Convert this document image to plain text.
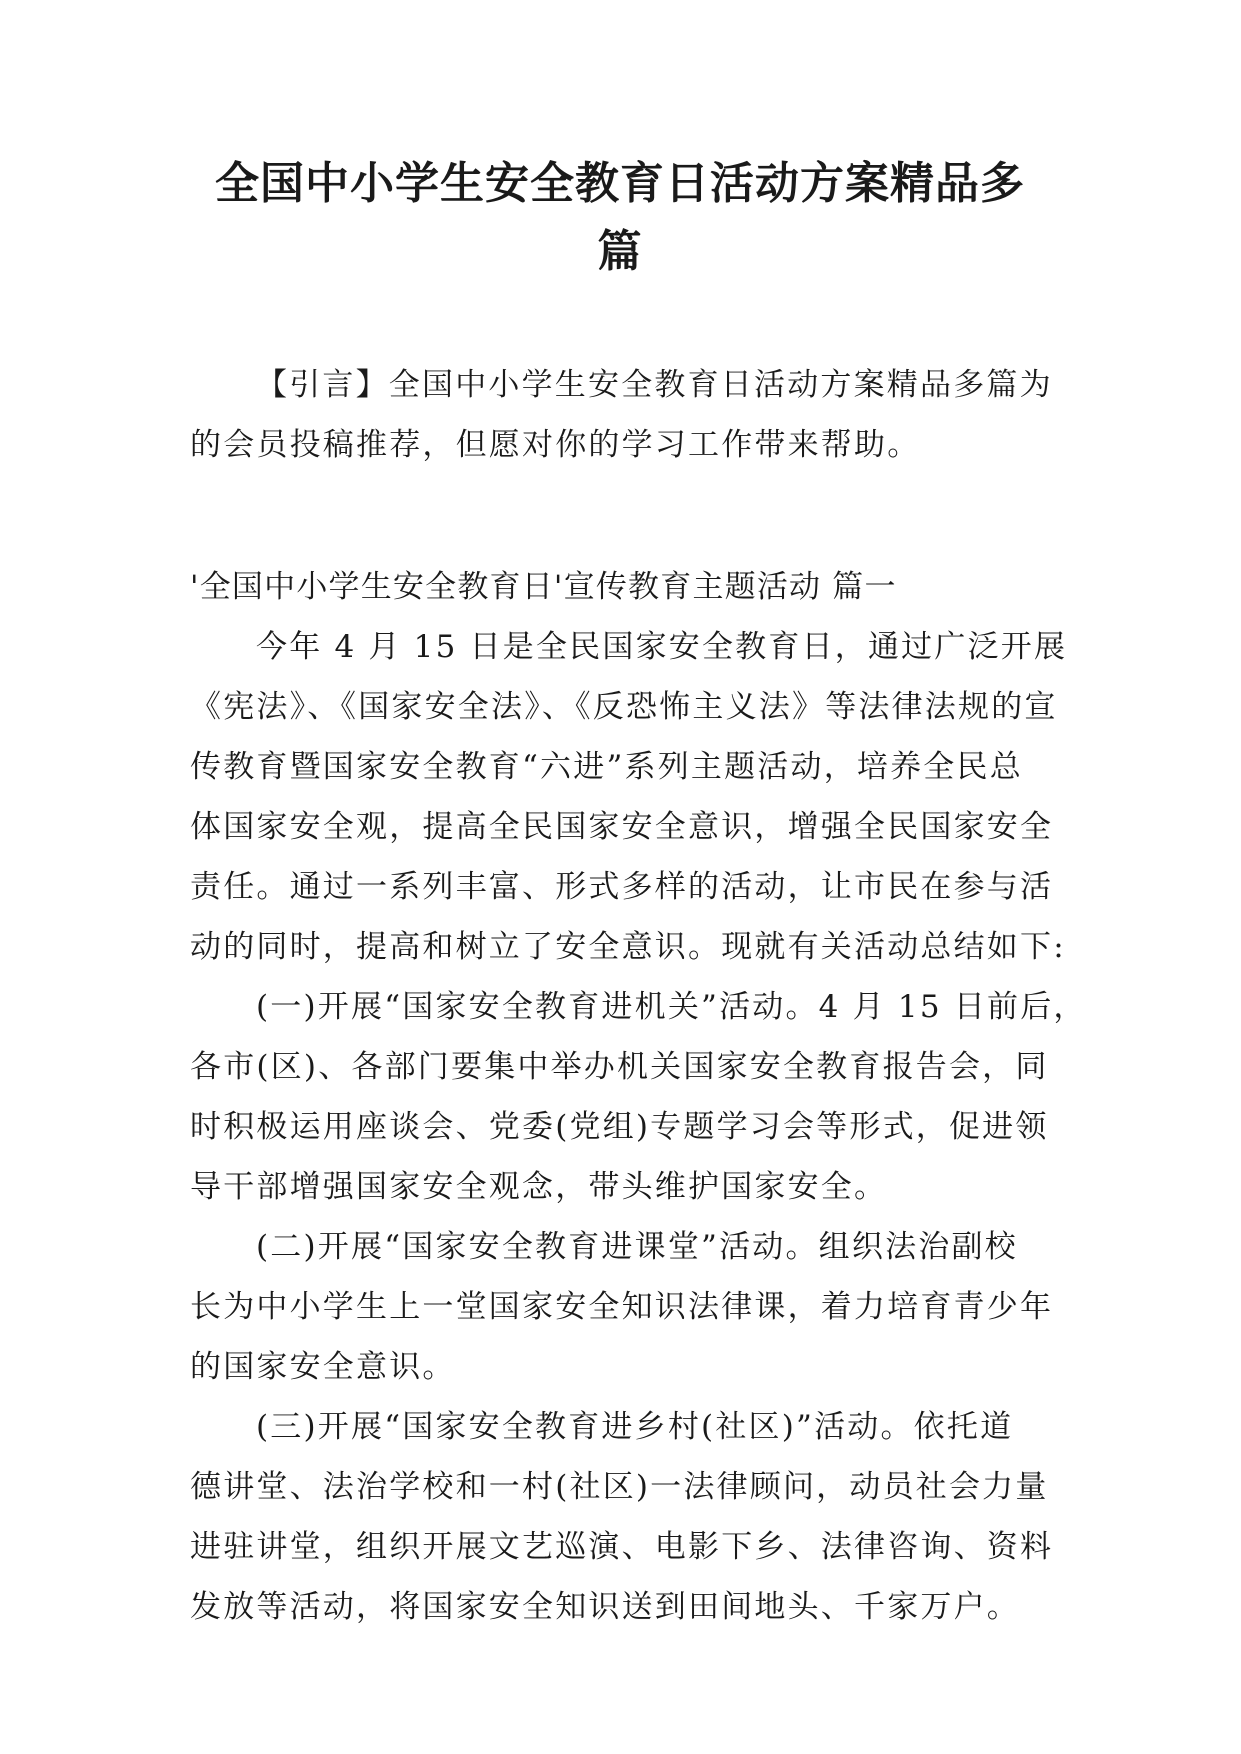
全国中小学生安全教育日活动方案精品多
篇
【引言】全国中小学生安全教育日活动方案精品多篇为
的会员投稿推荐，但愿对你的学习工作带来帮助。
'全国中小学生安全教育日'宣传教育主题活动 篇一
今年 4 月 15 日是全民国家安全教育日，通过广泛开展
《宪法》、《国家安全法》、《反恐怖主义法》等法律法规的宣
传教育暨国家安全教育“六进”系列主题活动，培养全民总
体国家安全观，提高全民国家安全意识，增强全民国家安全
责任。通过一系列丰富、形式多样的活动，让市民在参与活
动的同时，提高和树立了安全意识。现就有关活动总结如下:
(一)开展“国家安全教育进机关”活动。4 月 15 日前后，
各市(区)、各部门要集中举办机关国家安全教育报告会，同
时积极运用座谈会、党委(党组)专题学习会等形式，促进领
导干部增强国家安全观念，带头维护国家安全。
(二)开展“国家安全教育进课堂”活动。组织法治副校
长为中小学生上一堂国家安全知识法律课，着力培育青少年
的国家安全意识。
(三)开展“国家安全教育进乡村(社区)”活动。依托道
德讲堂、法治学校和一村(社区)一法律顾问，动员社会力量
进驻讲堂，组织开展文艺巡演、电影下乡、法律咨询、资料
发放等活动，将国家安全知识送到田间地头、千家万户。
